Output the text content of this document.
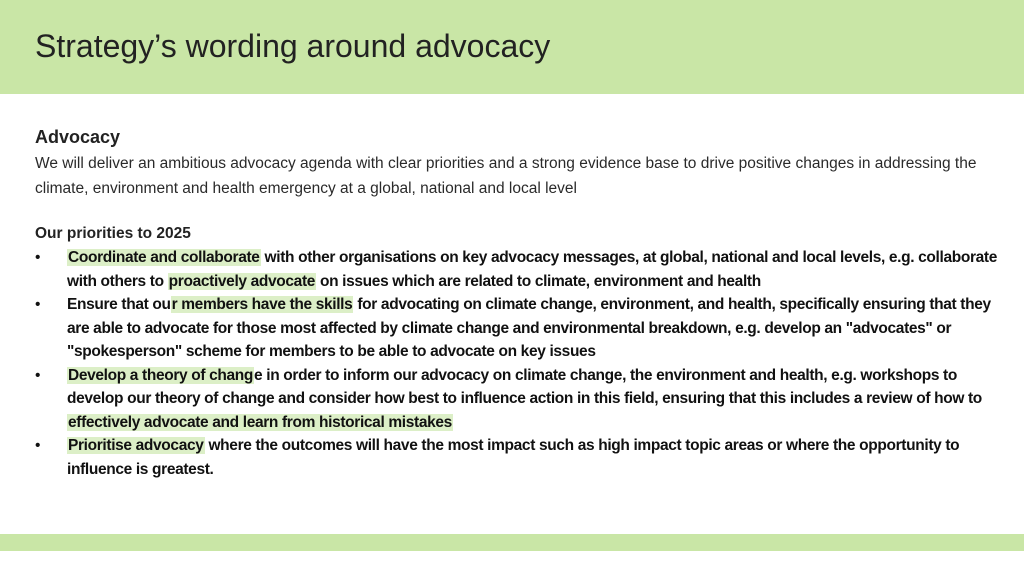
Strategy’s wording around advocacy
Advocacy
We will deliver an ambitious advocacy agenda with clear priorities and a strong evidence base to drive positive changes in addressing the climate, environment and health emergency at a global, national and local level
Our priorities to 2025
• Coordinate and collaborate with other organisations on key advocacy messages, at global, national and local levels, e.g. collaborate with others to proactively advocate on issues which are related to climate, environment and health
• Ensure that our members have the skills for advocating on climate change, environment, and health, specifically ensuring that they are able to advocate for those most affected by climate change and environmental breakdown, e.g. develop an "advocates" or "spokesperson" scheme for members to be able to advocate on key issues
• Develop a theory of change in order to inform our advocacy on climate change, the environment and health, e.g. workshops to develop our theory of change and consider how best to influence action in this field, ensuring that this includes a review of how to effectively advocate and learn from historical mistakes
• Prioritise advocacy where the outcomes will have the most impact such as high impact topic areas or where the opportunity to influence is greatest.
